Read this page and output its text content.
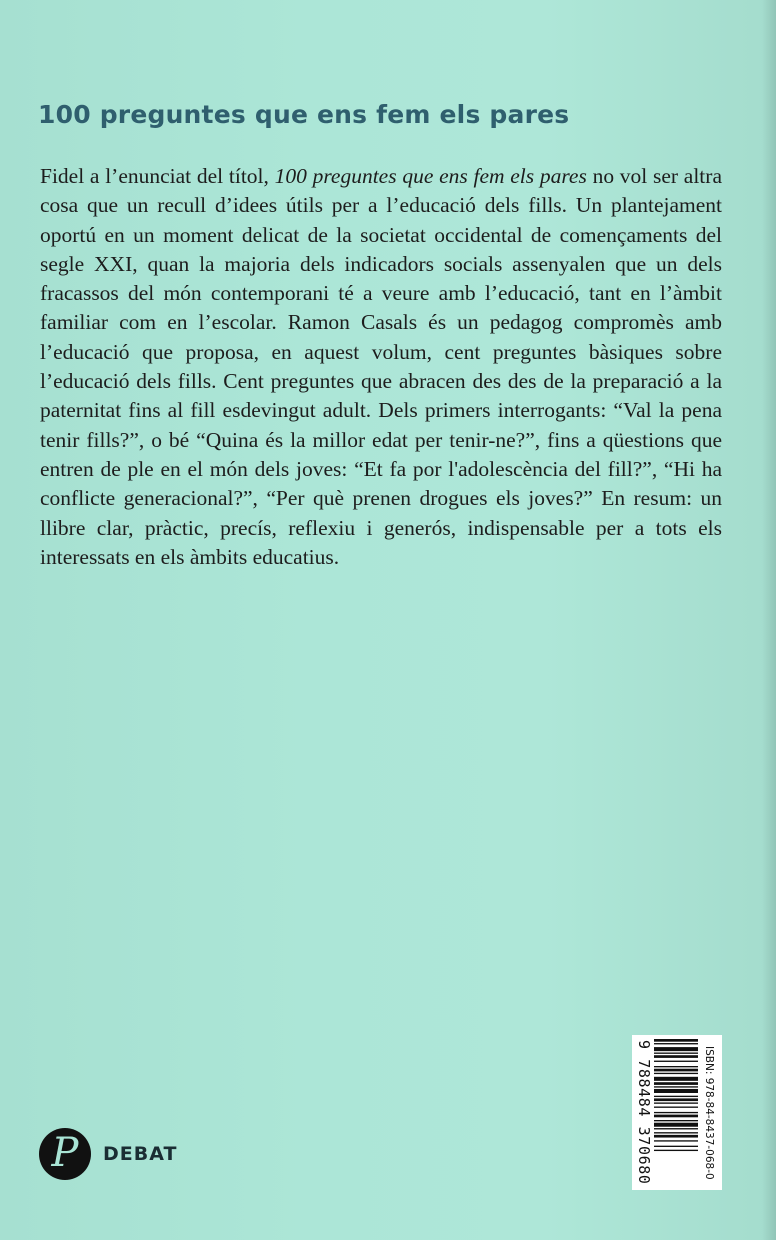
100 preguntes que ens fem els pares

Fidel a l’enunciat del títol, 100 preguntes que ens fem els pares no vol ser altra cosa que un recull d’idees útils per a l’educació dels fills. Un plantejament oportú en un moment delicat de la societat occidental de començaments del segle XXI, quan la majoria dels indicadors socials assenyalen que un dels fracassos del món contemporani té a veure amb l’educació, tant en l’àmbit familiar com en l’escolar. Ramon Casals és un pedagog compromès amb l’educació que proposa, en aquest volum, cent preguntes bàsiques sobre l’educació dels fills. Cent preguntes que abracen des des de la preparació a la paternitat fins al fill esdevingut adult. Dels primers interrogants: “Val la pena tenir fills?”, o bé “Quina és la millor edat per tenir-ne?”, fins a qüestions que entren de ple en el món dels joves: “Et fa por l'adolescència del fill?”, “Hi ha conflicte generacional?”, “Per què prenen drogues els joves?” En resum: un llibre clar, pràctic, precís, reflexiu i generós, indispensable per a tots els interessats en els àmbits educatius.

P DEBAT	ISBN: 978-84-8437-068-0
9 788484 370680
